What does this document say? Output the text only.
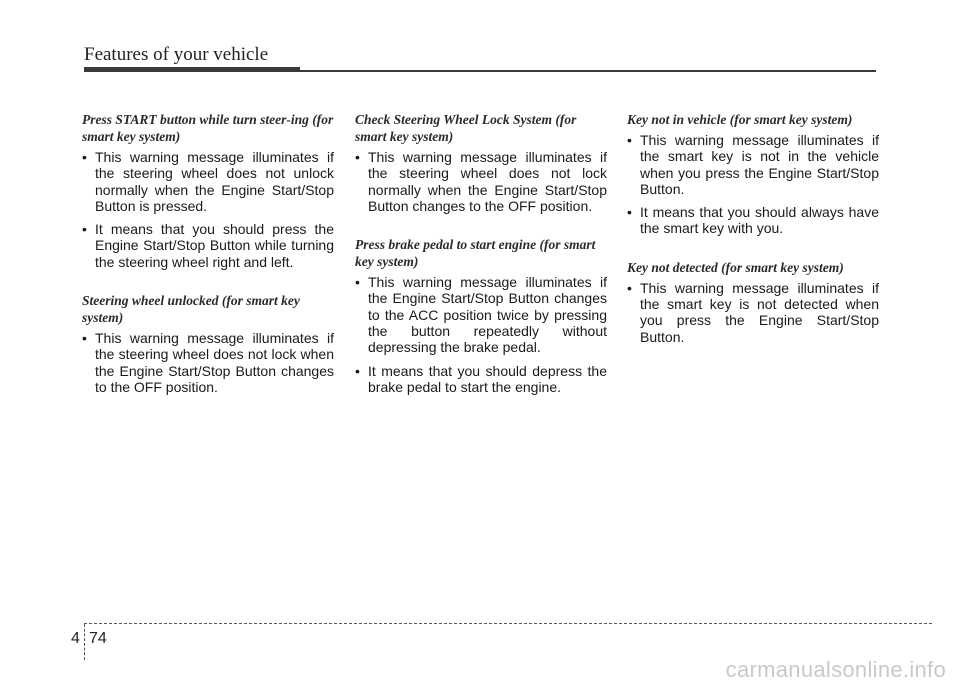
Features of your vehicle
Press START button while turn steer-ing (for smart key system)
• This warning message illuminates if the steering wheel does not unlock normally when the Engine Start/Stop Button is pressed.
• It means that you should press the Engine Start/Stop Button while turning the steering wheel right and left.
Steering wheel unlocked (for smart key system)
• This warning message illuminates if the steering wheel does not lock when the Engine Start/Stop Button changes to the OFF position.
Check Steering Wheel Lock System (for smart key system)
• This warning message illuminates if the steering wheel does not lock normally when the Engine Start/Stop Button changes to the OFF position.
Press brake pedal to start engine (for smart key system)
• This warning message illuminates if the Engine Start/Stop Button changes to the ACC position twice by pressing the button repeatedly without depressing the brake pedal.
• It means that you should depress the brake pedal to start the engine.
Key not in vehicle (for smart key system)
• This warning message illuminates if the smart key is not in the vehicle when you press the Engine Start/Stop Button.
• It means that you should always have the smart key with you.
Key not detected (for smart key system)
• This warning message illuminates if the smart key is not detected when you press the Engine Start/Stop Button.
4 74
carmanualsonline.info
